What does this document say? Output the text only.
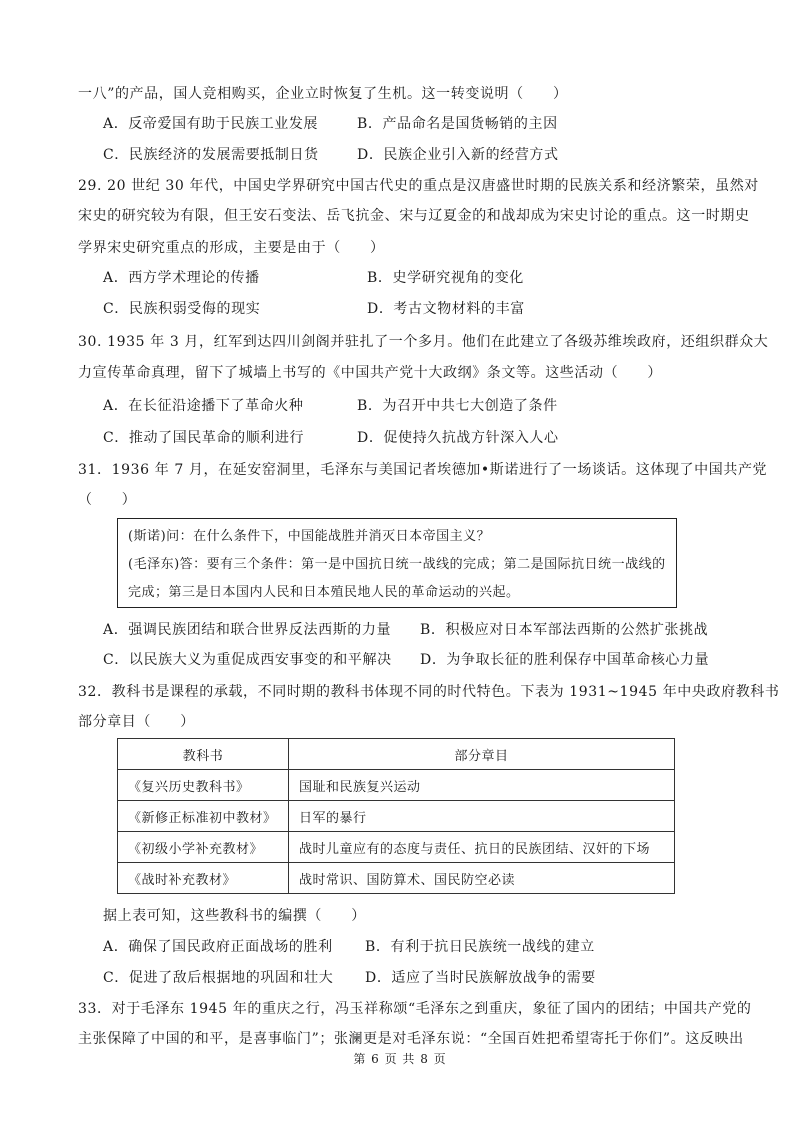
一八”的产品，国人竞相购买，企业立时恢复了生机。这一转变说明（　　）
A．反帝爱国有助于民族工业发展	B．产品命名是国货畅销的主因
C．民族经济的发展需要抵制日货	D．民族企业引入新的经营方式
29. 20 世纪 30 年代，中国史学界研究中国古代史的重点是汉唐盛世时期的民族关系和经济繁荣，虽然对
宋史的研究较为有限，但王安石变法、岳飞抗金、宋与辽夏金的和战却成为宋史讨论的重点。这一时期史
学界宋史研究重点的形成，主要是由于（　　）
A．西方学术理论的传播	B．史学研究视角的变化
C．民族积弱受侮的现实	D．考古文物材料的丰富
30. 1935 年 3 月，红军到达四川剑阁并驻扎了一个多月。他们在此建立了各级苏维埃政府，还组织群众大
力宣传革命真理，留下了城墙上书写的《中国共产党十大政纲》条文等。这些活动（　　）
A．在长征沿途播下了革命火种	B．为召开中共七大创造了条件
C．推动了国民革命的顺利进行	D．促使持久抗战方针深入人心
31．1936 年 7 月，在延安窑洞里，毛泽东与美国记者埃德加•斯诺进行了一场谈话。这体现了中国共产党
（　　）
(斯诺)问：在什么条件下，中国能战胜并消灭日本帝国主义？
(毛泽东)答：要有三个条件：第一是中国抗日统一战线的完成；第二是国际抗日统一战线的
完成；第三是日本国内人民和日本殖民地人民的革命运动的兴起。
A．强调民族团结和联合世界反法西斯的力量 B．积极应对日本军部法西斯的公然扩张挑战
C．以民族大义为重促成西安事变的和平解决 D．为争取长征的胜利保存中国革命核心力量
32．教科书是课程的承载，不同时期的教科书体现不同的时代特色。下表为 1931~1945 年中央政府教科书
部分章目（　　）
教科书	部分章目
《复兴历史教科书》	国耻和民族复兴运动
《新修正标准初中教材》	日军的暴行
《初级小学补充教材》	战时儿童应有的态度与责任、抗日的民族团结、汉奸的下场
《战时补充教材》	战时常识、国防算术、国民防空必读
据上表可知，这些教科书的编撰（　　）
A．确保了国民政府正面战场的胜利 B．有利于抗日民族统一战线的建立
C．促进了敌后根据地的巩固和壮大 D．适应了当时民族解放战争的需要
33．对于毛泽东 1945 年的重庆之行，冯玉祥称颂“毛泽东之到重庆，象征了国内的团结；中国共产党的
主张保障了中国的和平，是喜事临门”；张澜更是对毛泽东说：“全国百姓把希望寄托于你们”。这反映出
第 6 页 共 8 页
